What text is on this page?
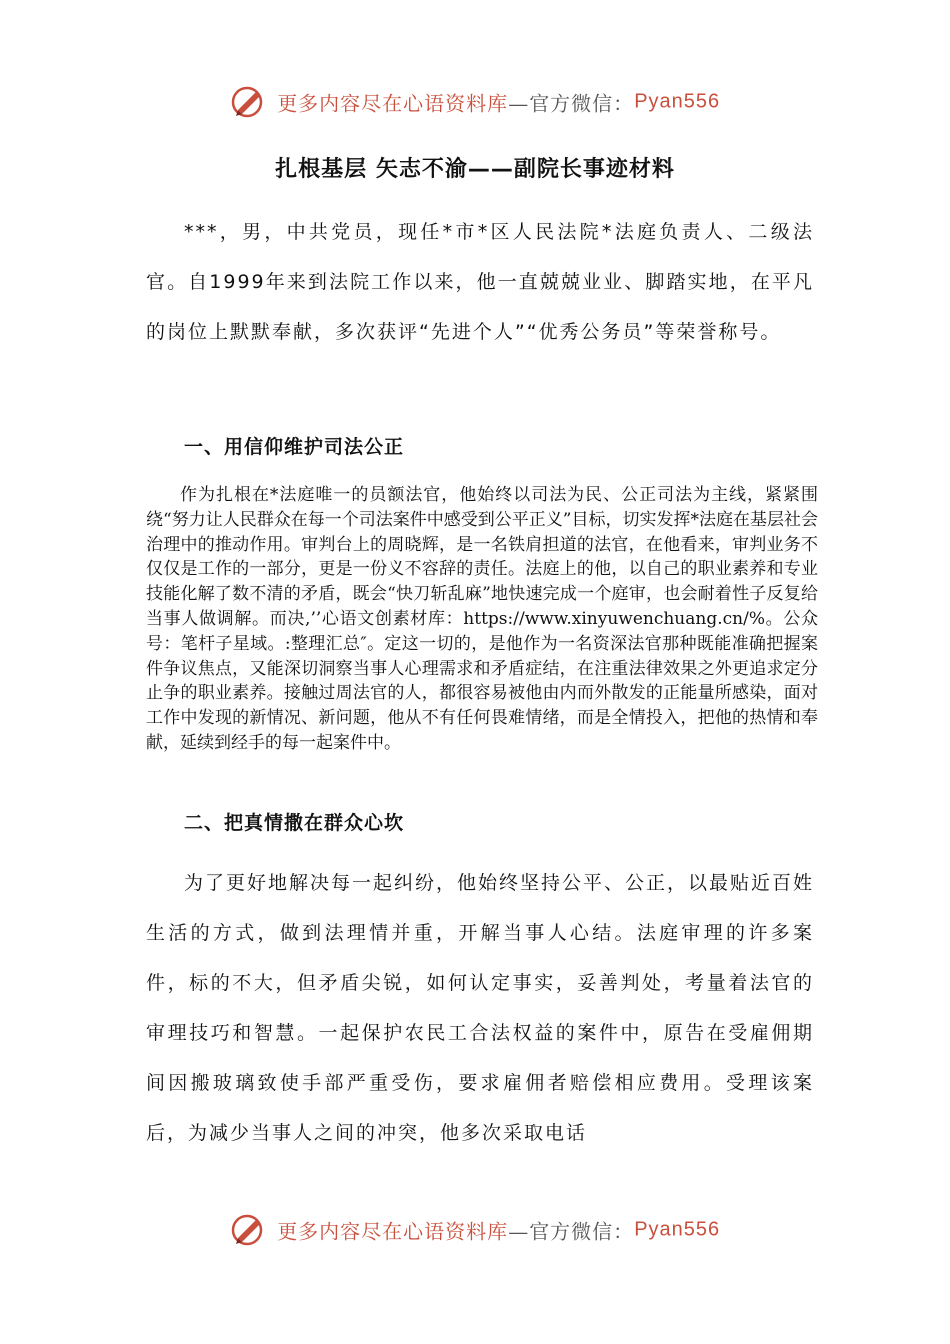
更多内容尽在心语资料库—官方微信：Pyan556
扎根基层 矢志不渝——副院长事迹材料

***，男，中共党员，现任*市*区人民法院*法庭负责人、二级法官。自1999年来到法院工作以来，他一直兢兢业业、脚踏实地，在平凡的岗位上默默奉献，多次获评“先进个人”“优秀公务员”等荣誉称号。

一、用信仰维护司法公正

作为扎根在*法庭唯一的员额法官，他始终以司法为民、公正司法为主线，紧紧围绕“努力让人民群众在每一个司法案件中感受到公平正义”目标，切实发挥*法庭在基层社会治理中的推动作用。审判台上的周晓辉，是一名铁肩担道的法官，在他看来，审判业务不仅仅是工作的一部分，更是一份义不容辞的责任。法庭上的他，以自己的职业素养和专业技能化解了数不清的矛盾，既会“快刀斩乱麻”地快速完成一个庭审，也会耐着性子反复给当事人做调解。而决,’’心语文创素材库：https://www.xinyuwenchuang.cn/%。公众号：笔杆子星域。:整理汇总″。定这一切的，是他作为一名资深法官那种既能准确把握案件争议焦点，又能深切洞察当事人心理需求和矛盾症结，在注重法律效果之外更追求定分止争的职业素养。接触过周法官的人，都很容易被他由内而外散发的正能量所感染，面对工作中发现的新情况、新问题，他从不有任何畏难情绪，而是全情投入，把他的热情和奉献，延续到经手的每一起案件中。

二、把真情撒在群众心坎

为了更好地解决每一起纠纷，他始终坚持公平、公正，以最贴近百姓生活的方式，做到法理情并重，开解当事人心结。法庭审理的许多案件，标的不大，但矛盾尖锐，如何认定事实，妥善判处，考量着法官的审理技巧和智慧。一起保护农民工合法权益的案件中，原告在受雇佣期间因搬玻璃致使手部严重受伤，要求雇佣者赔偿相应费用。受理该案后，为减少当事人之间的冲突，他多次采取电话

更多内容尽在心语资料库—官方微信：Pyan556
